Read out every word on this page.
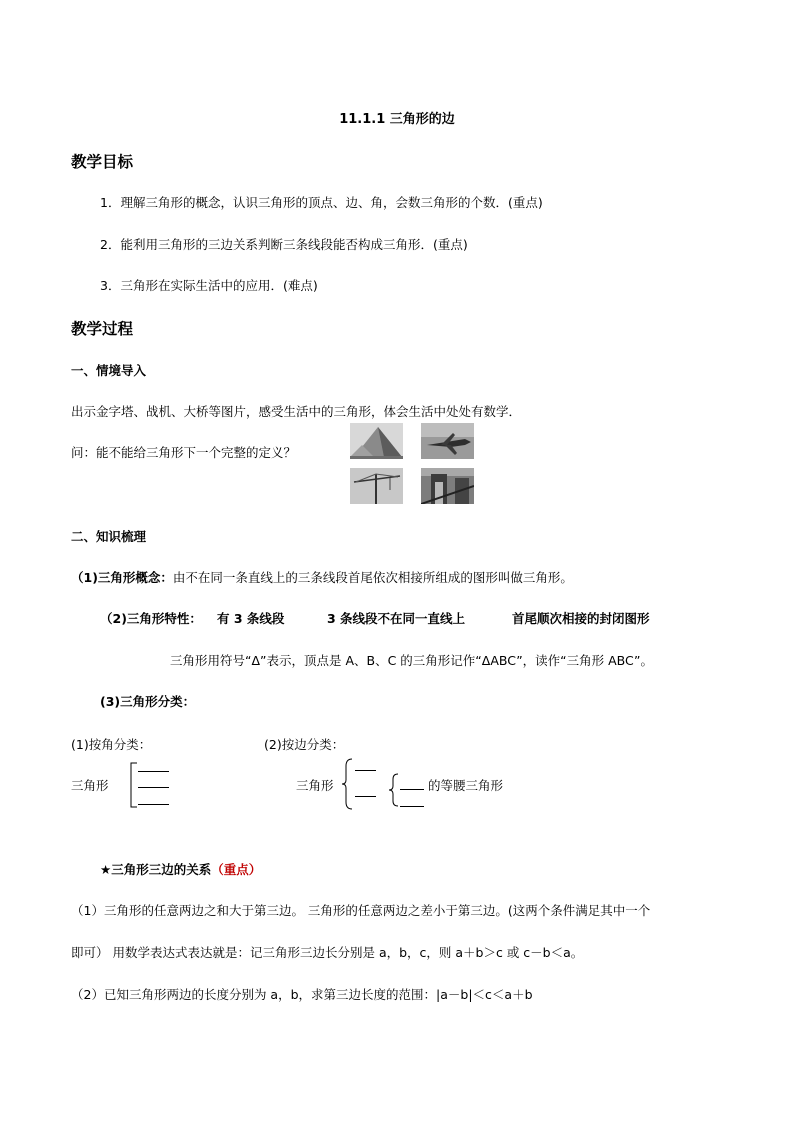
11.1.1 三角形的边
教学目标
1．理解三角形的概念，认识三角形的顶点、边、角，会数三角形的个数．(重点)
2．能利用三角形的三边关系判断三条线段能否构成三角形．(重点)
3．三角形在实际生活中的应用．(难点)
教学过程
一、情境导入
出示金字塔、战机、大桥等图片，感受生活中的三角形，体会生活中处处有数学．
问：能不能给三角形下一个完整的定义？
二、知识梳理
（1)三角形概念：由不在同一条直线上的三条线段首尾依次相接所组成的图形叫做三角形。
（2)三角形特性： 有 3 条线段	3 条线段不在同一直线上	首尾顺次相接的封闭图形
三角形用符号“Δ”表示，顶点是 A、B、C 的三角形记作“ΔABC”，读作“三角形 ABC”。
(3)三角形分类：
(1)按角分类：	(2)按边分类：
三角形	三角形	的等腰三角形
★三角形三边的关系（重点）
（1）三角形的任意两边之和大于第三边。 三角形的任意两边之差小于第三边。(这两个条件满足其中一个
即可） 用数学表达式表达就是：记三角形三边长分别是 a，b，c，则 a＋b＞c 或 c－b＜a。
（2）已知三角形两边的长度分别为 a，b，求第三边长度的范围：|a－b|＜c＜a＋b
